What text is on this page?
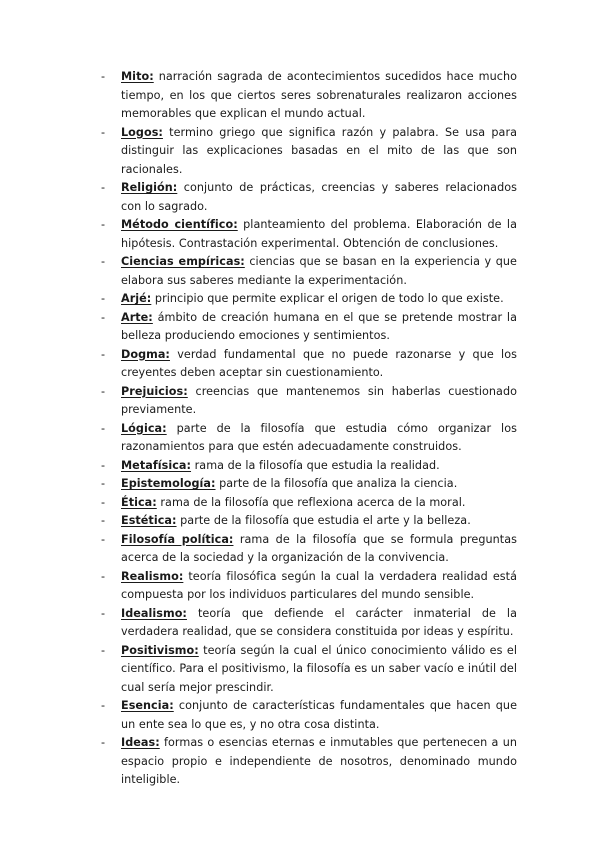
-	Mito: narración sagrada de acontecimientos sucedidos hace mucho tiempo, en los que ciertos seres sobrenaturales realizaron acciones memorables que explican el mundo actual.
-	Logos: termino griego que significa razón y palabra. Se usa para distinguir las explicaciones basadas en el mito de las que son racionales.
-	Religión: conjunto de prácticas, creencias y saberes relacionados con lo sagrado.
-	Método científico: planteamiento del problema. Elaboración de la hipótesis. Contrastación experimental. Obtención de conclusiones.
-	Ciencias empíricas: ciencias que se basan en la experiencia y que elabora sus saberes mediante la experimentación.
-	Arjé: principio que permite explicar el origen de todo lo que existe.
-	Arte: ámbito de creación humana en el que se pretende mostrar la belleza produciendo emociones y sentimientos.
-	Dogma: verdad fundamental que no puede razonarse y que los creyentes deben aceptar sin cuestionamiento.
-	Prejuicios: creencias que mantenemos sin haberlas cuestionado previamente.
-	Lógica: parte de la filosofía que estudia cómo organizar los razonamientos para que estén adecuadamente construidos.
-	Metafísica: rama de la filosofía que estudia la realidad.
-	Epistemología: parte de la filosofía que analiza la ciencia.
-	Ética: rama de la filosofía que reflexiona acerca de la moral.
-	Estética: parte de la filosofía que estudia el arte y la belleza.
-	Filosofía política: rama de la filosofía que se formula preguntas acerca de la sociedad y la organización de la convivencia.
-	Realismo: teoría filosófica según la cual la verdadera realidad está compuesta por los individuos particulares del mundo sensible.
-	Idealismo: teoría que defiende el carácter inmaterial de la verdadera realidad, que se considera constituida por ideas y espíritu.
-	Positivismo: teoría según la cual el único conocimiento válido es el científico. Para el positivismo, la filosofía es un saber vacío e inútil del cual sería mejor prescindir.
-	Esencia: conjunto de características fundamentales que hacen que un ente sea lo que es, y no otra cosa distinta.
-	Ideas: formas o esencias eternas e inmutables que pertenecen a un espacio propio e independiente de nosotros, denominado mundo inteligible.
